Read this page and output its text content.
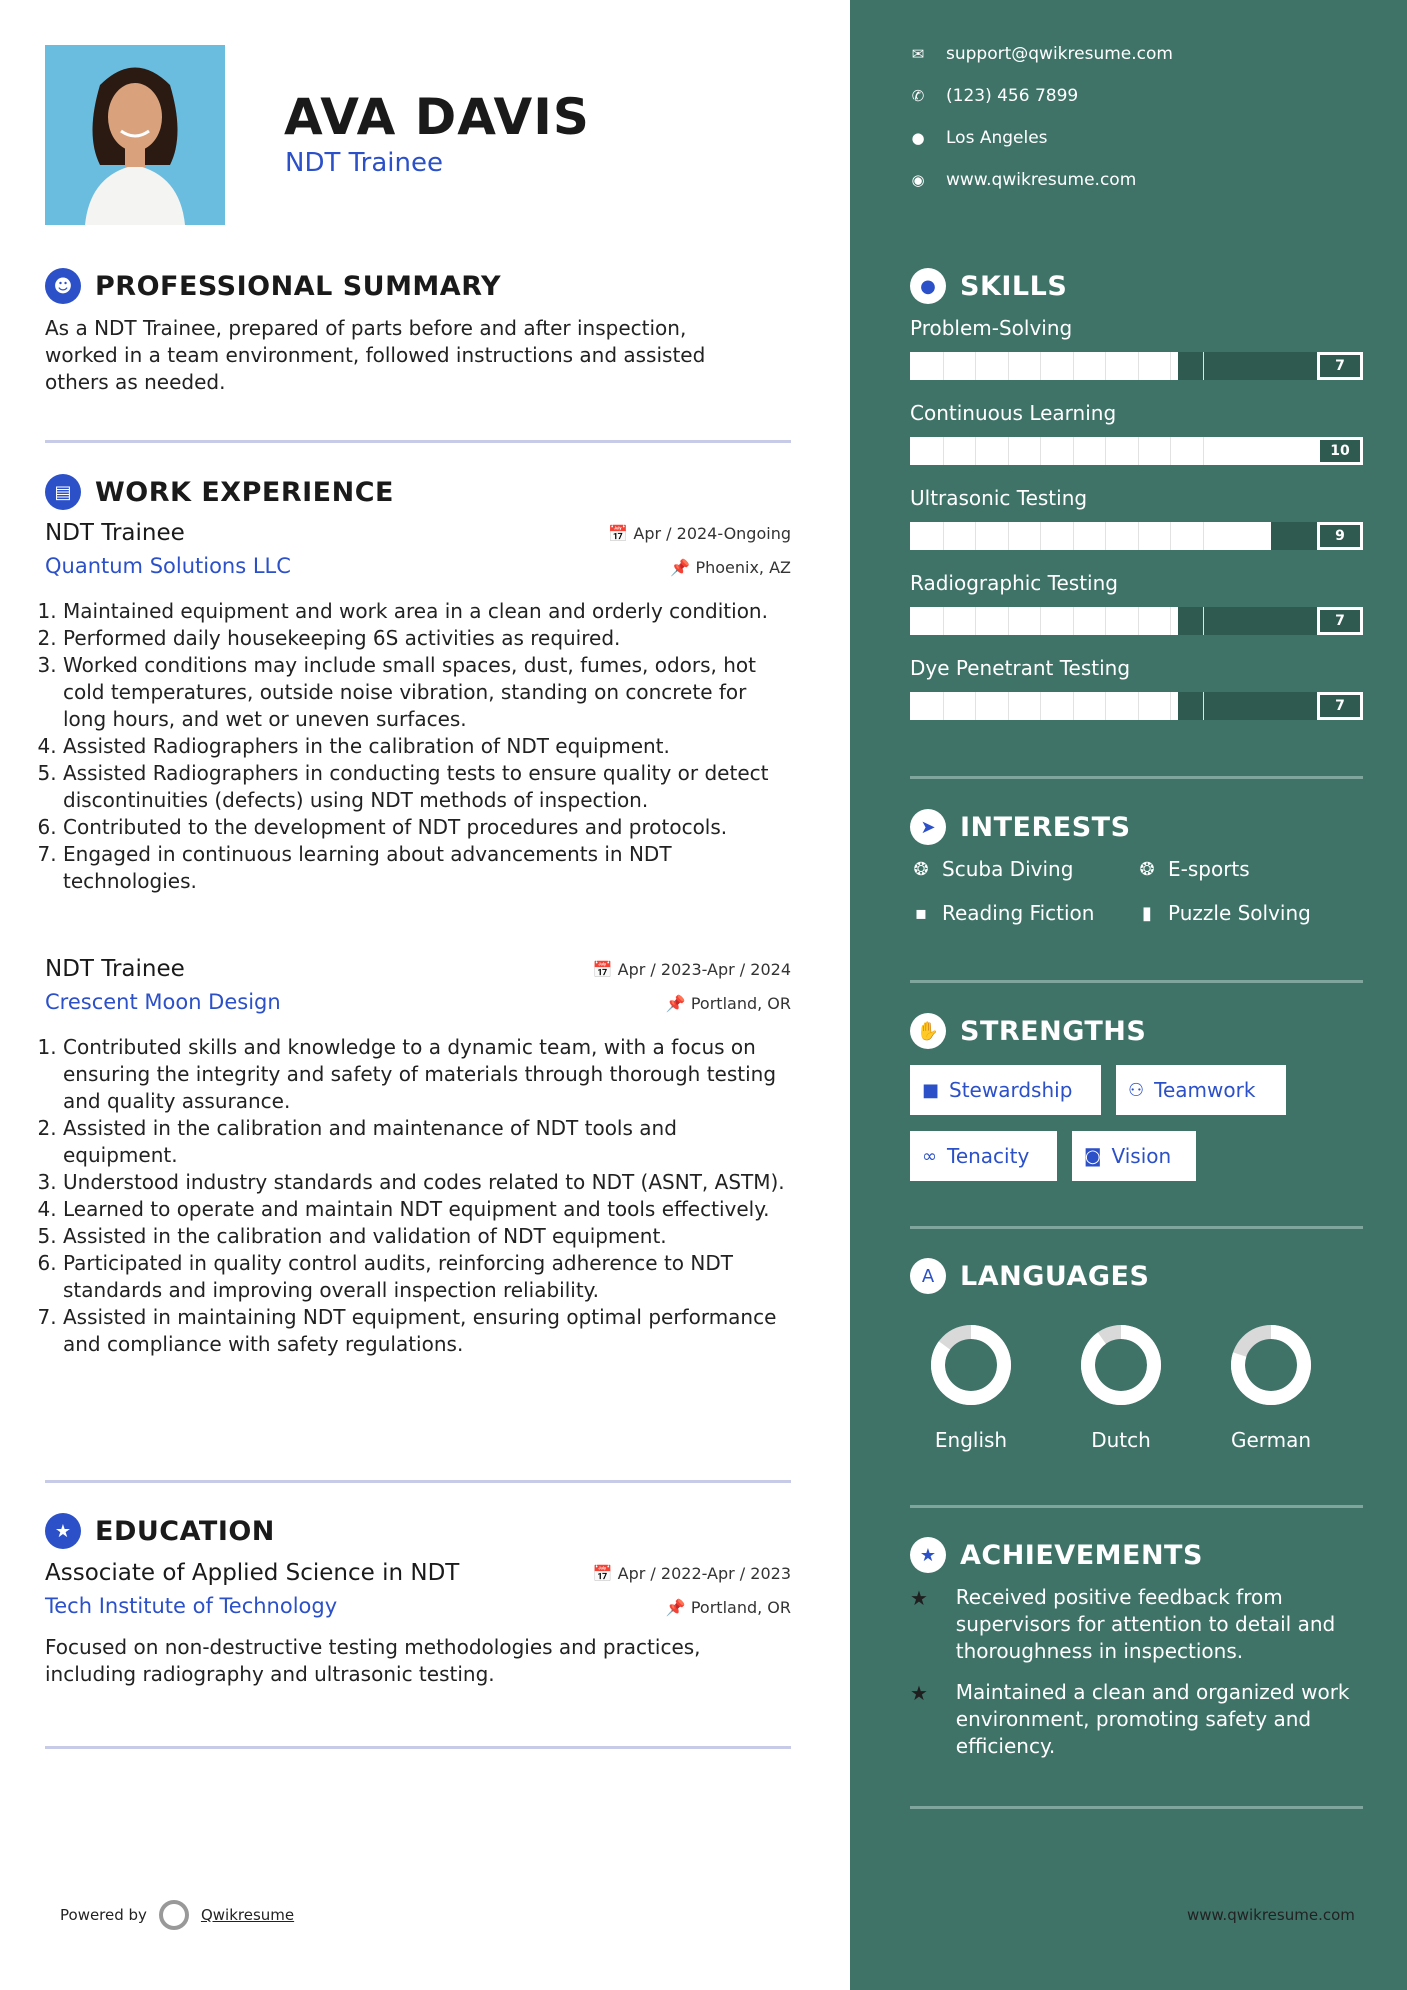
AVA DAVIS
NDT Trainee
☻ PROFESSIONAL SUMMARY
As a NDT Trainee, prepared of parts before and after inspection, worked in a team environment, followed instructions and assisted others as needed.
▤ WORK EXPERIENCE
NDT Trainee	📅 Apr / 2024-Ongoing
Quantum Solutions LLC	📌 Phoenix, AZ
1. Maintained equipment and work area in a clean and orderly condition.
2. Performed daily housekeeping 6S activities as required.
3. Worked conditions may include small spaces, dust, fumes, odors, hot cold temperatures, outside noise vibration, standing on concrete for long hours, and wet or uneven surfaces.
4. Assisted Radiographers in the calibration of NDT equipment.
5. Assisted Radiographers in conducting tests to ensure quality or detect discontinuities (defects) using NDT methods of inspection.
6. Contributed to the development of NDT procedures and protocols.
7. Engaged in continuous learning about advancements in NDT technologies.
NDT Trainee	📅 Apr / 2023-Apr / 2024
Crescent Moon Design	📌 Portland, OR
1. Contributed skills and knowledge to a dynamic team, with a focus on ensuring the integrity and safety of materials through thorough testing and quality assurance.
2. Assisted in the calibration and maintenance of NDT tools and equipment.
3. Understood industry standards and codes related to NDT (ASNT, ASTM).
4. Learned to operate and maintain NDT equipment and tools effectively.
5. Assisted in the calibration and validation of NDT equipment.
6. Participated in quality control audits, reinforcing adherence to NDT standards and improving overall inspection reliability.
7. Assisted in maintaining NDT equipment, ensuring optimal performance and compliance with safety regulations.
★ EDUCATION
Associate of Applied Science in NDT	📅 Apr / 2022-Apr / 2023
Tech Institute of Technology	📌 Portland, OR
Focused on non-destructive testing methodologies and practices, including radiography and ultrasonic testing.
Powered by	Qwikresume
✉ support@qwikresume.com
✆ (123) 456 7899
● Los Angeles
◉ www.qwikresume.com
● SKILLS
Problem-Solving
7
Continuous Learning
10
Ultrasonic Testing
9
Radiographic Testing
7
Dye Penetrant Testing
7
➤ INTERESTS
❂ Scuba Diving	❂ E-sports
▪ Reading Fiction	▮ Puzzle Solving
✋ STRENGTHS
■ Stewardship	⚇ Teamwork
∞ Tenacity	◙ Vision
A LANGUAGES
English	Dutch	German
★ ACHIEVEMENTS
★	Received positive feedback from supervisors for attention to detail and thoroughness in inspections.
★	Maintained a clean and organized work environment, promoting safety and efficiency.
www.qwikresume.com
